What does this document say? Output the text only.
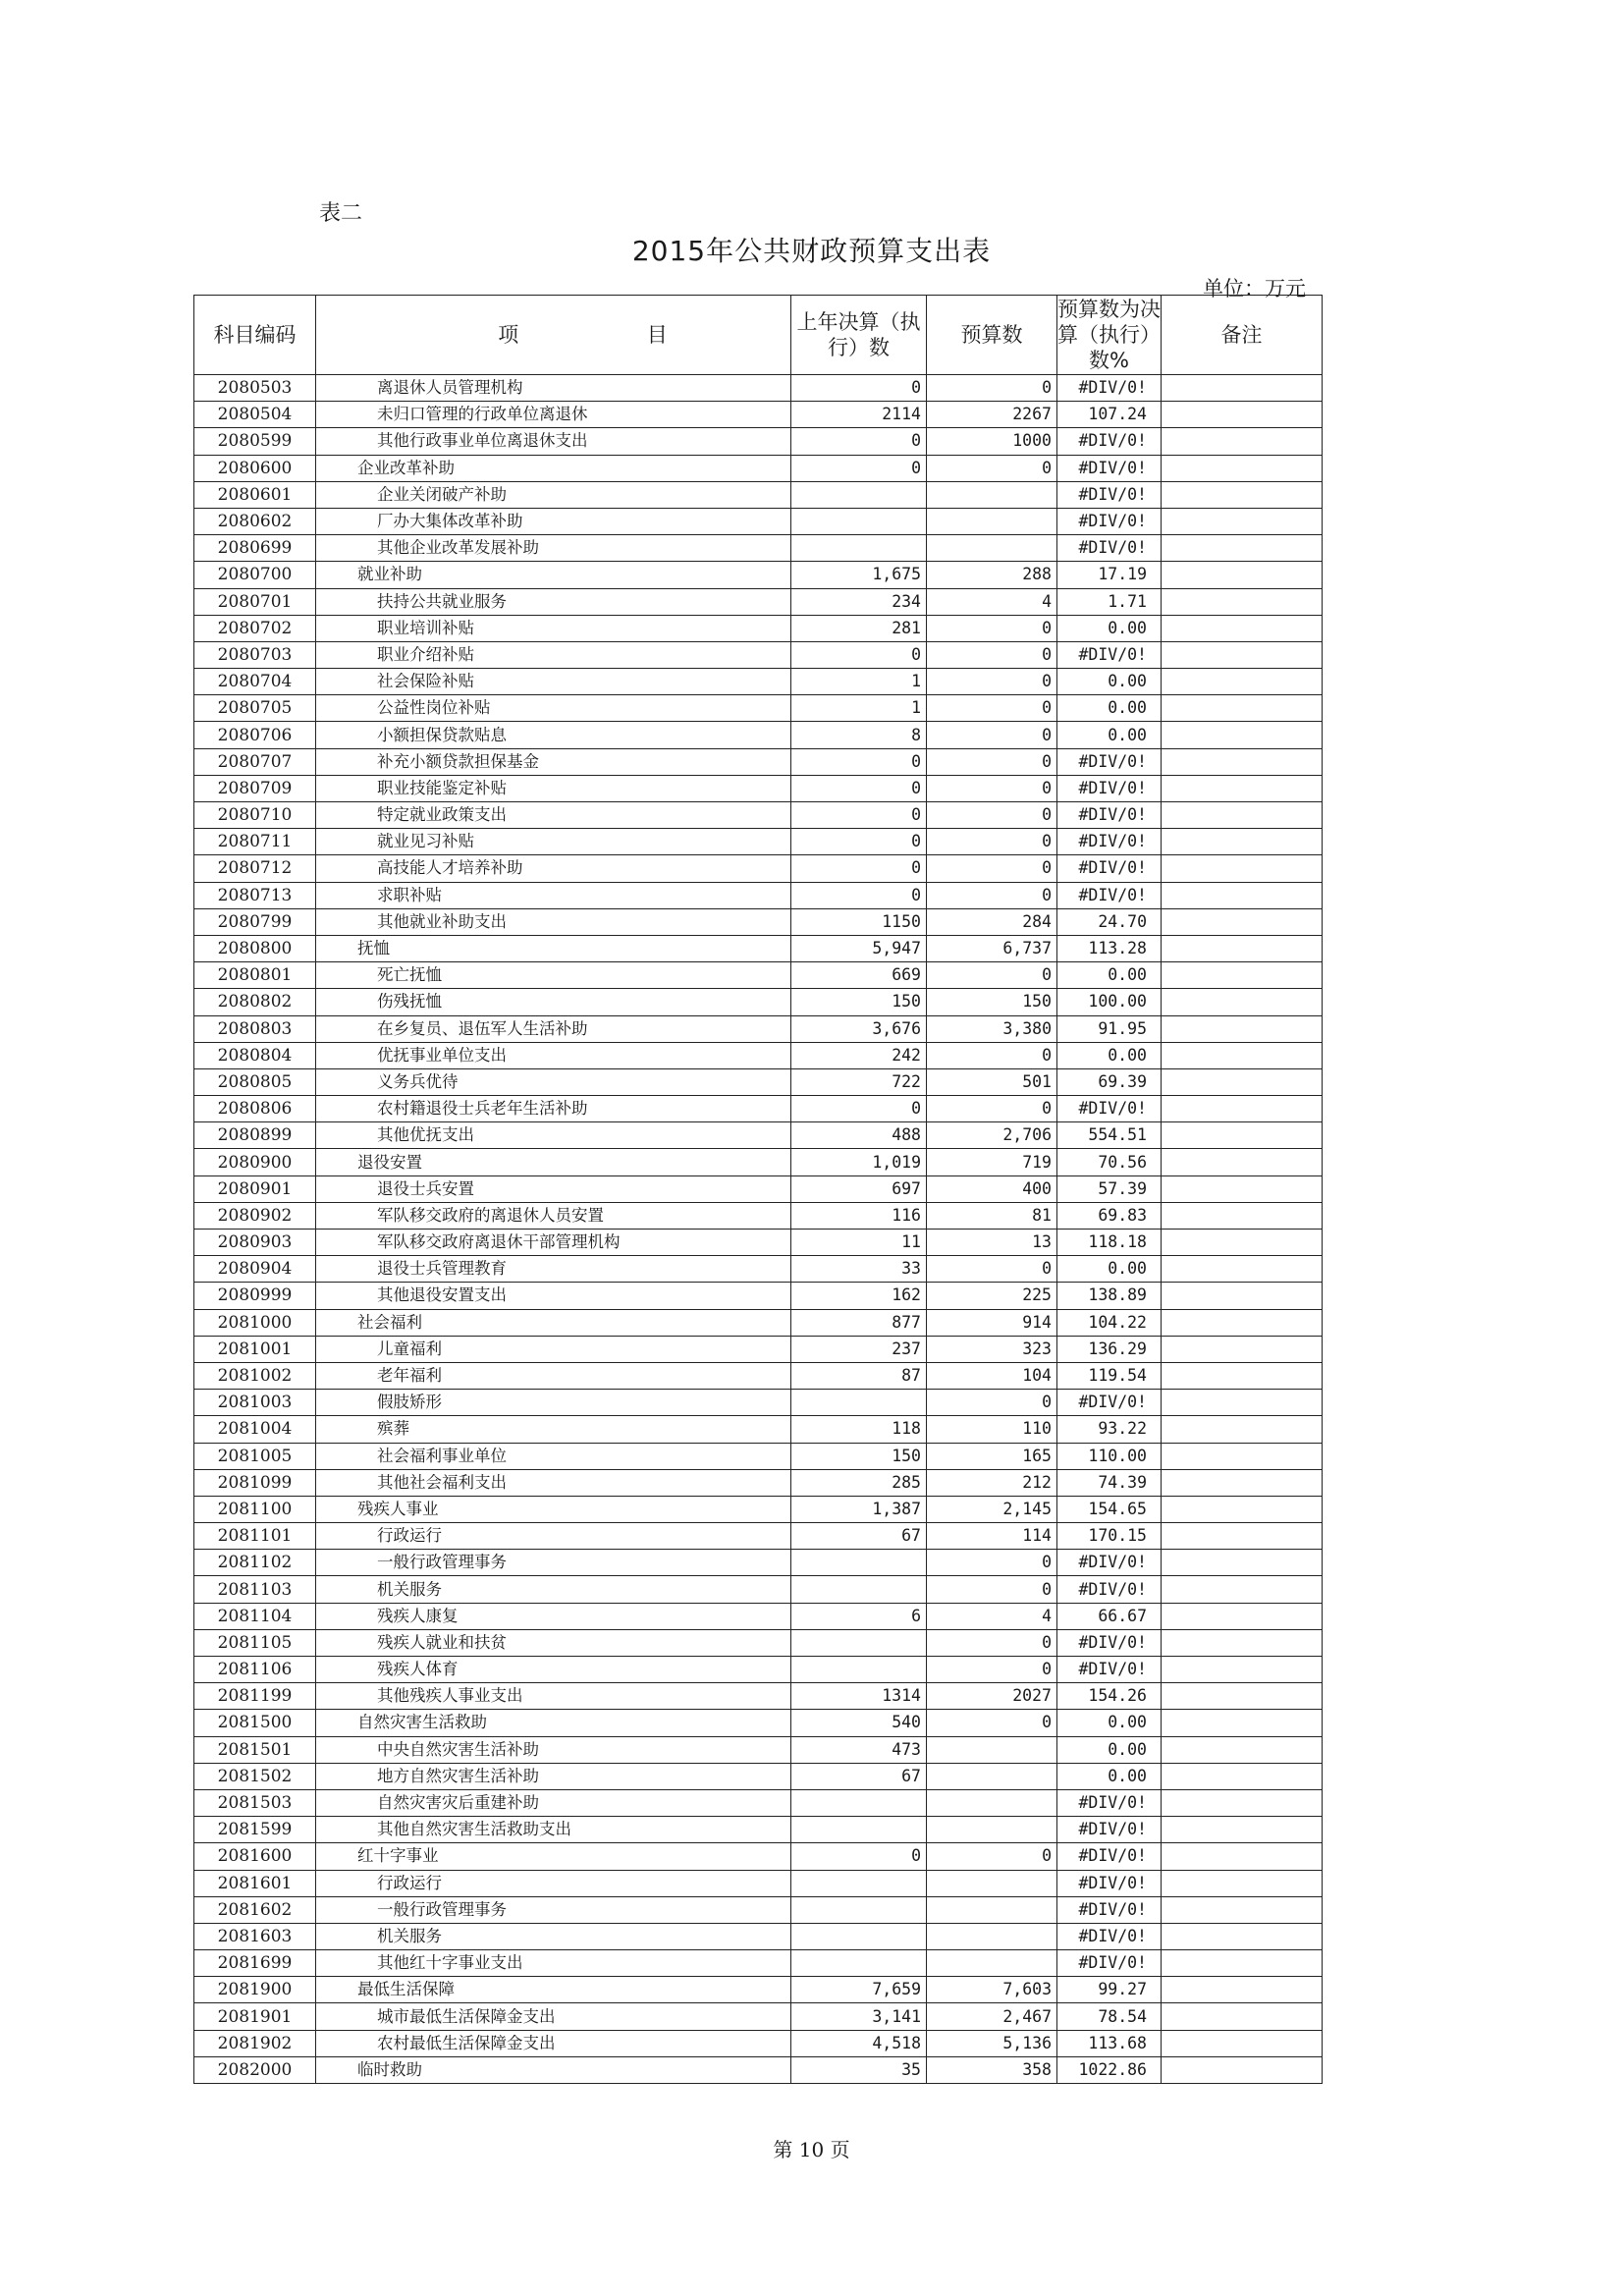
表二
2015年公共财政预算支出表
单位：万元
科目编码	项 目	上年决算（执行）数	预算数	预算数为决算（执行）数%	备注
2080503	离退休人员管理机构	0	0	#DIV/0!	
2080504	未归口管理的行政单位离退休	2114	2267	107.24	
2080599	其他行政事业单位离退休支出	0	1000	#DIV/0!	
2080600	企业改革补助	0	0	#DIV/0!	
2080601	企业关闭破产补助			#DIV/0!	
2080602	厂办大集体改革补助			#DIV/0!	
2080699	其他企业改革发展补助			#DIV/0!	
2080700	就业补助	1,675	288	17.19	
2080701	扶持公共就业服务	234	4	1.71	
2080702	职业培训补贴	281	0	0.00	
2080703	职业介绍补贴	0	0	#DIV/0!	
2080704	社会保险补贴	1	0	0.00	
2080705	公益性岗位补贴	1	0	0.00	
2080706	小额担保贷款贴息	8	0	0.00	
2080707	补充小额贷款担保基金	0	0	#DIV/0!	
2080709	职业技能鉴定补贴	0	0	#DIV/0!	
2080710	特定就业政策支出	0	0	#DIV/0!	
2080711	就业见习补贴	0	0	#DIV/0!	
2080712	高技能人才培养补助	0	0	#DIV/0!	
2080713	求职补贴	0	0	#DIV/0!	
2080799	其他就业补助支出	1150	284	24.70	
2080800	抚恤	5,947	6,737	113.28	
2080801	死亡抚恤	669	0	0.00	
2080802	伤残抚恤	150	150	100.00	
2080803	在乡复员、退伍军人生活补助	3,676	3,380	91.95	
2080804	优抚事业单位支出	242	0	0.00	
2080805	义务兵优待	722	501	69.39	
2080806	农村籍退役士兵老年生活补助	0	0	#DIV/0!	
2080899	其他优抚支出	488	2,706	554.51	
2080900	退役安置	1,019	719	70.56	
2080901	退役士兵安置	697	400	57.39	
2080902	军队移交政府的离退休人员安置	116	81	69.83	
2080903	军队移交政府离退休干部管理机构	11	13	118.18	
2080904	退役士兵管理教育	33	0	0.00	
2080999	其他退役安置支出	162	225	138.89	
2081000	社会福利	877	914	104.22	
2081001	儿童福利	237	323	136.29	
2081002	老年福利	87	104	119.54	
2081003	假肢矫形		0	#DIV/0!	
2081004	殡葬	118	110	93.22	
2081005	社会福利事业单位	150	165	110.00	
2081099	其他社会福利支出	285	212	74.39	
2081100	残疾人事业	1,387	2,145	154.65	
2081101	行政运行	67	114	170.15	
2081102	一般行政管理事务		0	#DIV/0!	
2081103	机关服务		0	#DIV/0!	
2081104	残疾人康复	6	4	66.67	
2081105	残疾人就业和扶贫		0	#DIV/0!	
2081106	残疾人体育		0	#DIV/0!	
2081199	其他残疾人事业支出	1314	2027	154.26	
2081500	自然灾害生活救助	540	0	0.00	
2081501	中央自然灾害生活补助	473		0.00	
2081502	地方自然灾害生活补助	67		0.00	
2081503	自然灾害灾后重建补助			#DIV/0!	
2081599	其他自然灾害生活救助支出			#DIV/0!	
2081600	红十字事业	0	0	#DIV/0!	
2081601	行政运行			#DIV/0!	
2081602	一般行政管理事务			#DIV/0!	
2081603	机关服务			#DIV/0!	
2081699	其他红十字事业支出			#DIV/0!	
2081900	最低生活保障	7,659	7,603	99.27	
2081901	城市最低生活保障金支出	3,141	2,467	78.54	
2081902	农村最低生活保障金支出	4,518	5,136	113.68	
2082000	临时救助	35	358	1022.86	
第 10 页
